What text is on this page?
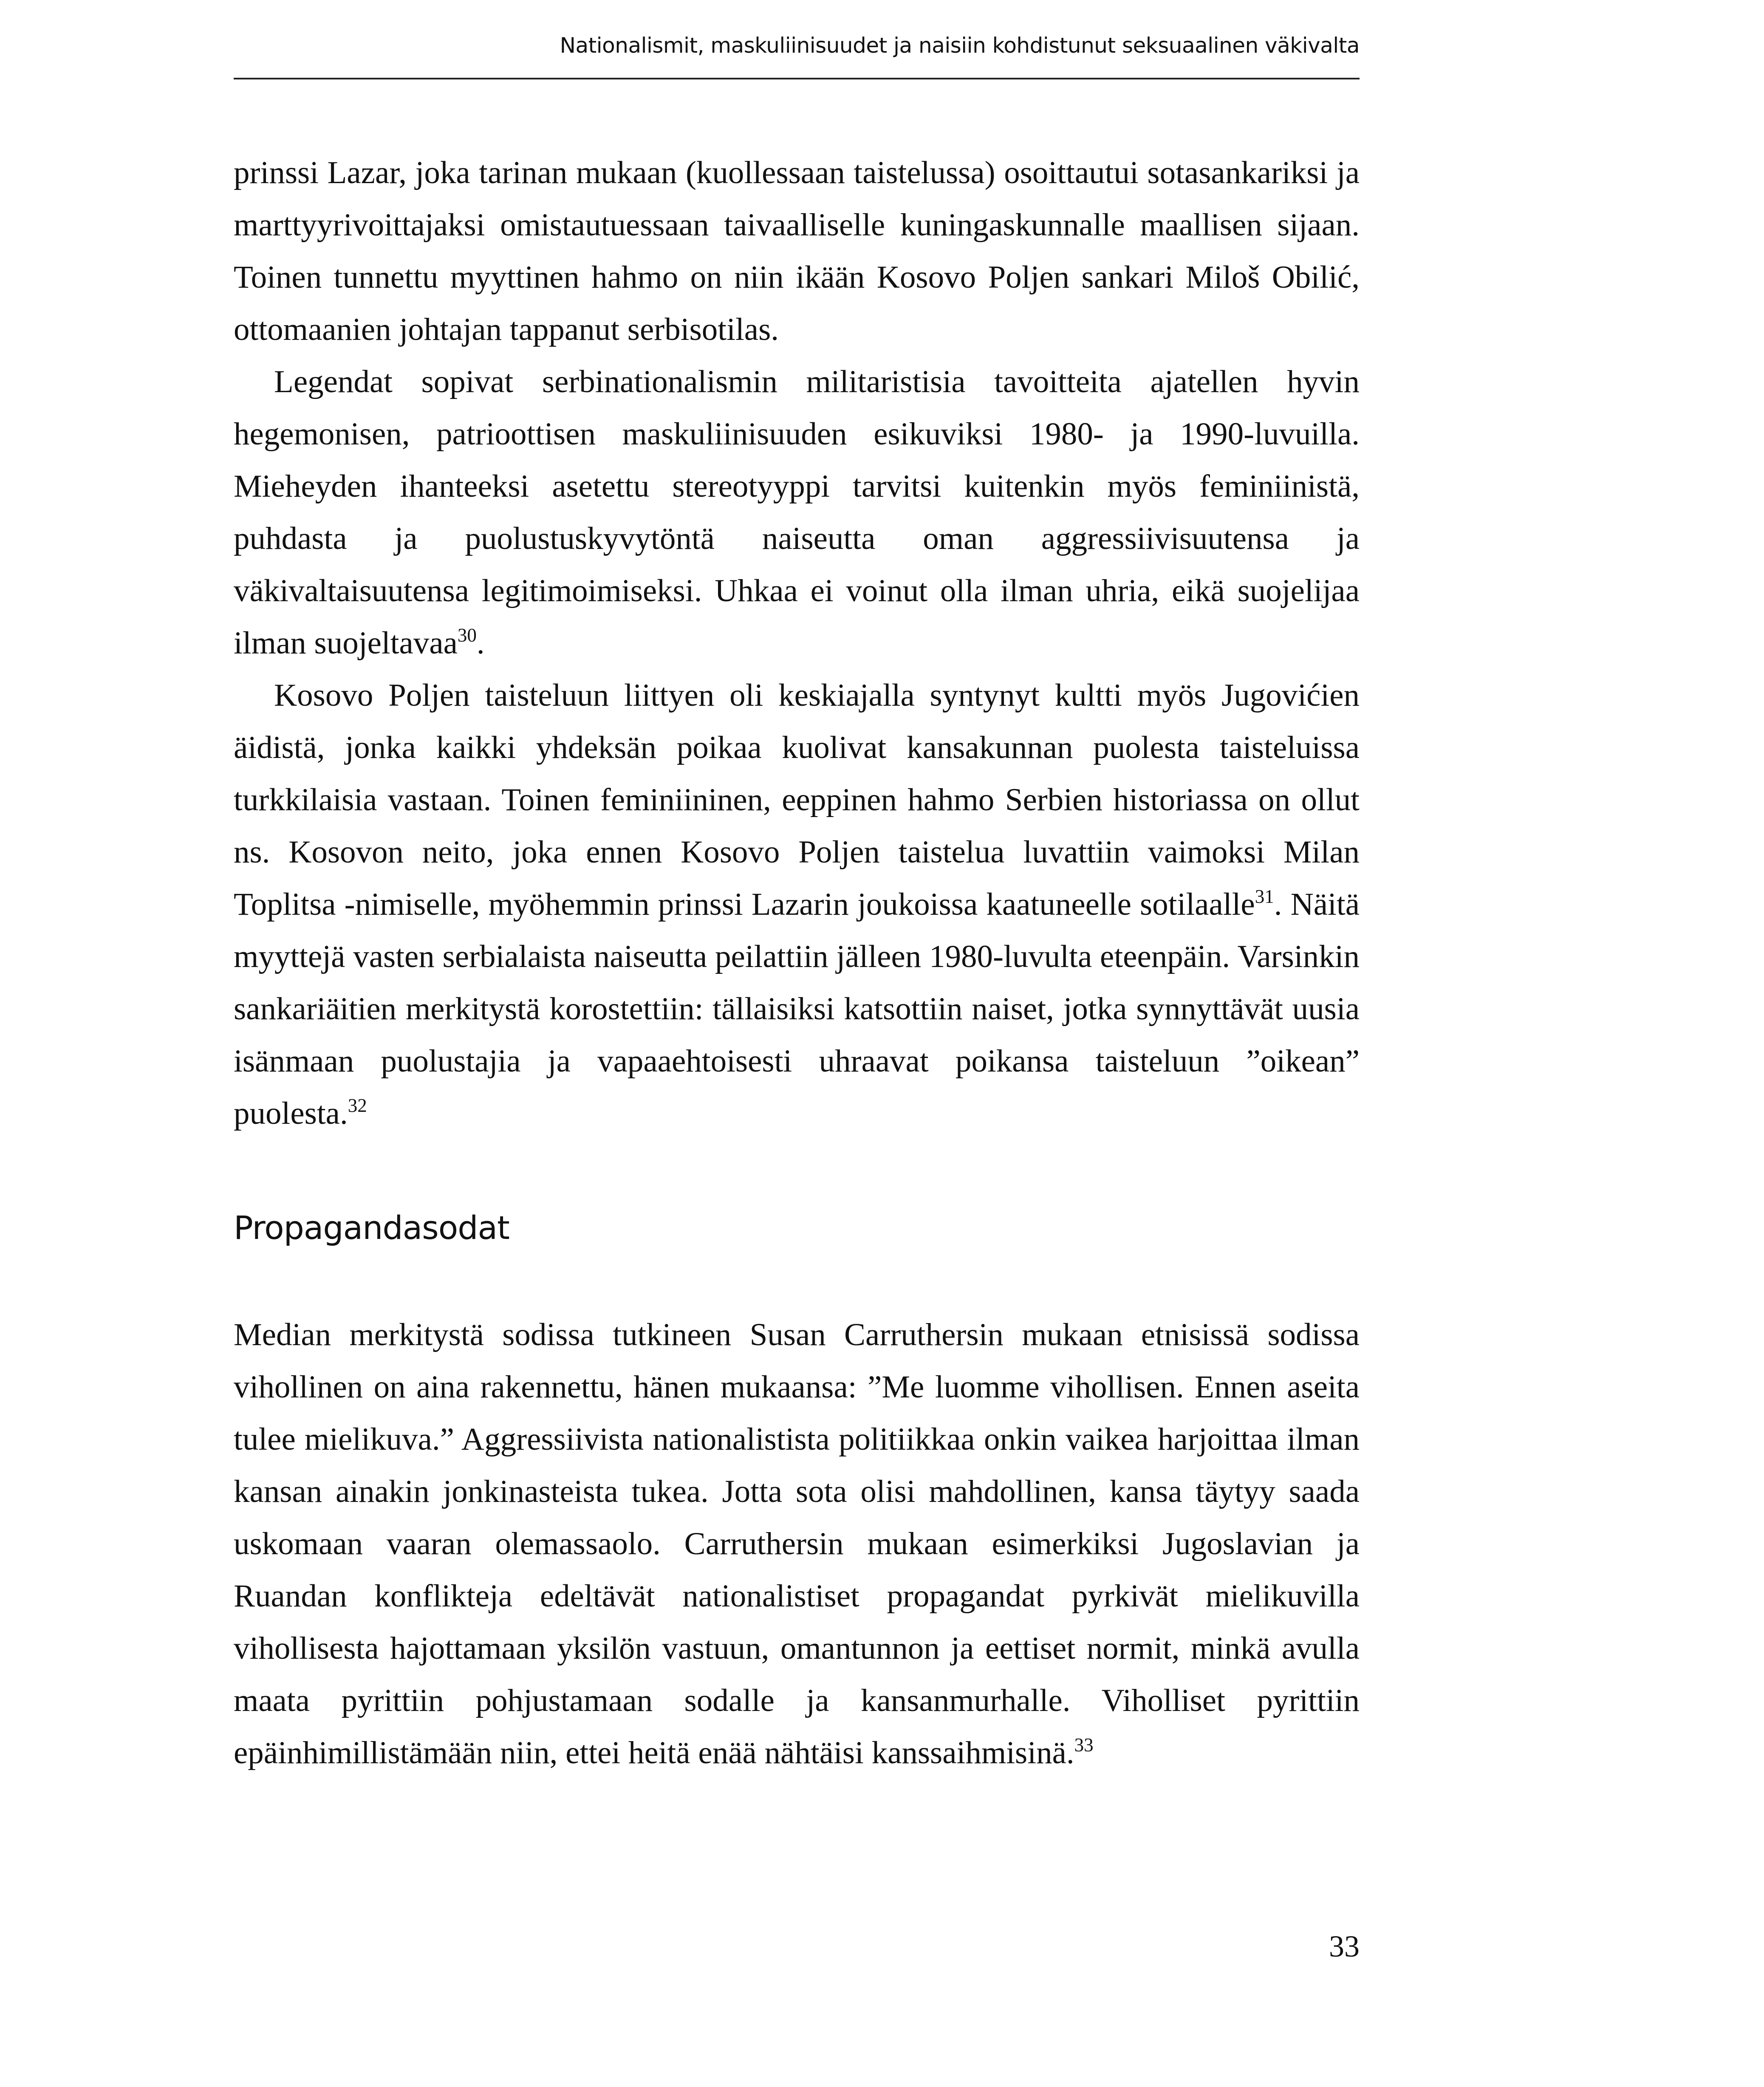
Nationalismit, maskuliinisuudet ja naisiin kohdistunut seksuaalinen väkivalta

prinssi Lazar, joka tarinan mukaan (kuollessaan taistelussa) osoittautui sotasankariksi ja marttyyrivoittajaksi omistautuessaan taivaalliselle kuningaskunnalle maallisen sijaan. Toinen tunnettu myyttinen hahmo on niin ikään Kosovo Poljen sankari Miloš Obilić, ottomaanien johtajan tappanut serbisotilas.

Legendat sopivat serbinationalismin militaristisia tavoitteita ajatellen hyvin hegemonisen, patrioottisen maskuliinisuuden esikuviksi 1980- ja 1990-luvuilla. Mieheyden ihanteeksi asetettu stereotyyppi tarvitsi kuitenkin myös feminiinistä, puhdasta ja puolustuskyvytöntä naiseutta oman aggressiivisuutensa ja väkivaltaisuutensa legitimoimiseksi. Uhkaa ei voinut olla ilman uhria, eikä suojelijaa ilman suojeltavaa$^{30}$.

Kosovo Poljen taisteluun liittyen oli keskiajalla syntynyt kultti myös Jugovićien äidistä, jonka kaikki yhdeksän poikaa kuolivat kansakunnan puolesta taisteluissa turkkilaisia vastaan. Toinen feminiininen, eeppinen hahmo Serbien historiassa on ollut ns. Kosovon neito, joka ennen Kosovo Poljen taistelua luvattiin vaimoksi Milan Toplitsa -nimiselle, myöhemmin prinssi Lazarin joukoissa kaatuneelle sotilaalle$^{31}$. Näitä myyttejä vasten serbialaista naiseutta peilattiin jälleen 1980-luvulta eteenpäin. Varsinkin sankariäitien merkitystä korostettiin: tällaisiksi katsottiin naiset, jotka synnyttävät uusia isänmaan puolustajia ja vapaaehtoisesti uhraavat poikansa taisteluun ”oikean” puolesta.$^{32}$

Propagandasodat

Median merkitystä sodissa tutkineen Susan Carruthersin mukaan etnisissä sodissa vihollinen on aina rakennettu, hänen mukaansa: ”Me luomme vihollisen. Ennen aseita tulee mielikuva.” Aggressiivista nationalistista politiikkaa onkin vaikea harjoittaa ilman kansan ainakin jonkinasteista tukea. Jotta sota olisi mahdollinen, kansa täytyy saada uskomaan vaaran olemassaolo. Carruthersin mukaan esimerkiksi Jugoslavian ja Ruandan konflikteja edeltävät nationalistiset propagandat pyrkivät mielikuvilla vihollisesta hajottamaan yksilön vastuun, omantunnon ja eettiset normit, minkä avulla maata pyrittiin pohjustamaan sodalle ja kansanmurhalle. Viholliset pyrittiin epäinhimillistämään niin, ettei heitä enää nähtäisi kanssaihmisinä.$^{33}$

33
